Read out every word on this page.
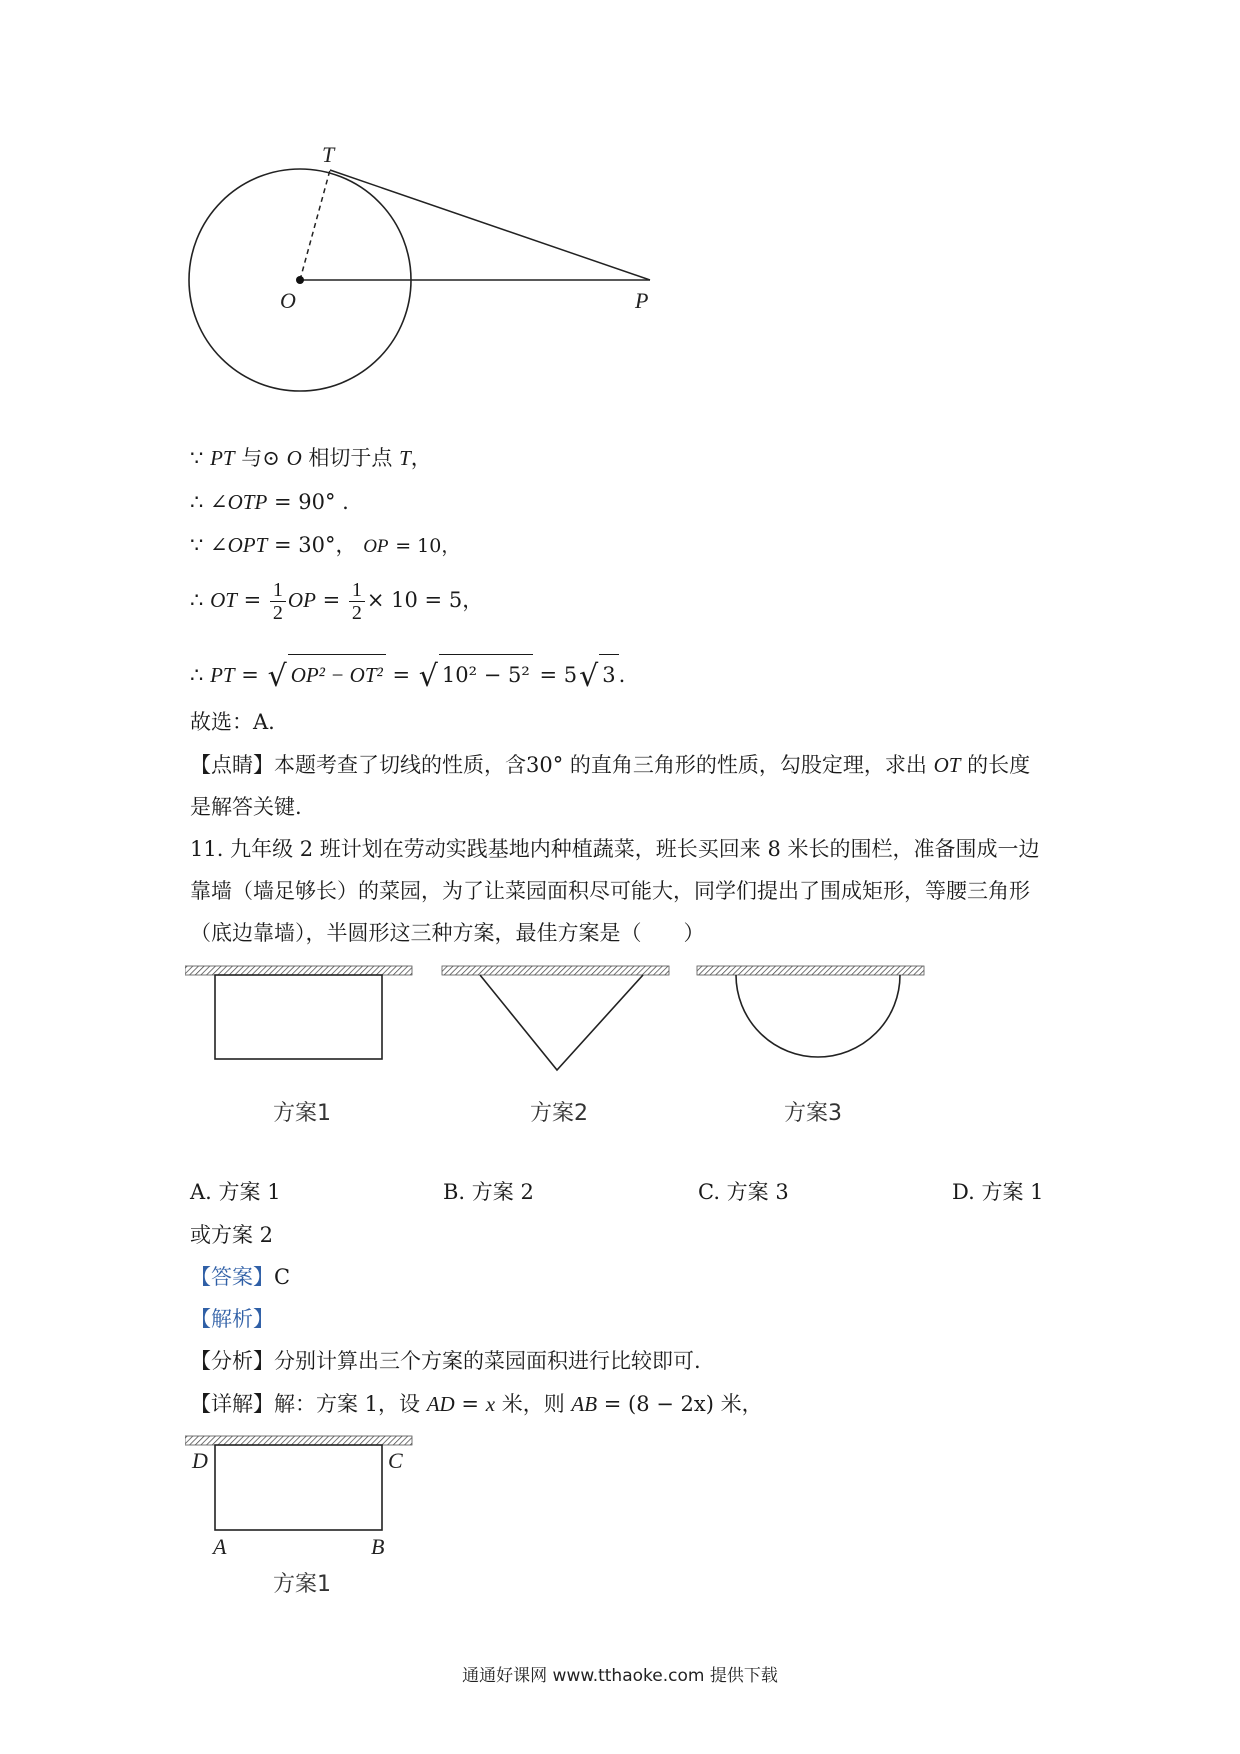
T
O	P
∵ PT 与⊙ O 相切于点 T，
∴ ∠OTP = 90° .
∵ ∠OPT = 30°， OP = 10，
∴ OT = $\frac{1}{2}$ OP = $\frac{1}{2} \times 10 = 5$，
∴ PT = √ OP² − OT² = √ 10² − 5² = 5√ 3 .
故选：A.
【点睛】本题考查了切线的性质，含30° 的直角三角形的性质，勾股定理，求出 OT 的长度
是解答关键.
11. 九年级 2 班计划在劳动实践基地内种植蔬菜，班长买回来 8 米长的围栏，准备围成一边
靠墙（墙足够长）的菜园，为了让菜园面积尽可能大，同学们提出了围成矩形，等腰三角形
（底边靠墙），半圆形这三种方案，最佳方案是（　　）
方案1	方案2	方案3
A. 方案 1	B. 方案 2	C. 方案 3	D. 方案 1
或方案 2
【答案】C
【解析】
【分析】分别计算出三个方案的菜园面积进行比较即可.
【详解】解：方案 1，设 AD = x 米，则 AB = (8 − 2x) 米，
D	C
A	B
方案1
通通好课网 www.tthaoke.com 提供下载
